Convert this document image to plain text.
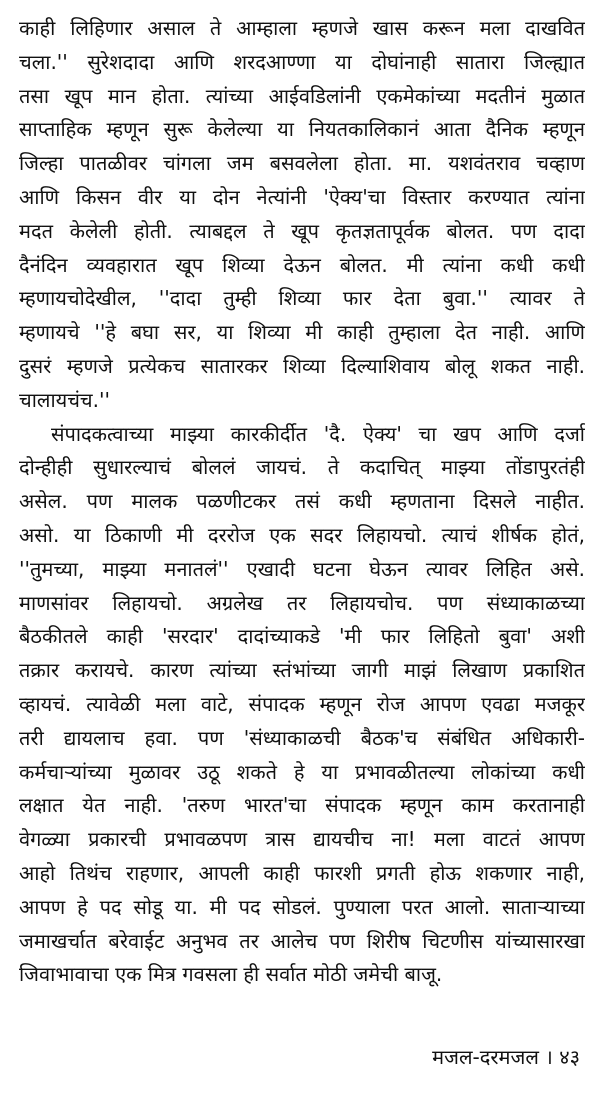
काही लिहिणार असाल ते आम्हाला म्हणजे खास करून मला दाखवित
चला.'' सुरेशदादा आणि शरदआण्णा या दोघांनाही सातारा जिल्ह्यात
तसा खूप मान होता. त्यांच्या आईवडिलांनी एकमेकांच्या मदतीनं मुळात
साप्ताहिक म्हणून सुरू केलेल्या या नियतकालिकानं आता दैनिक म्हणून
जिल्हा पातळीवर चांगला जम बसवलेला होता. मा. यशवंतराव चव्हाण
आणि किसन वीर या दोन नेत्यांनी 'ऐक्य'चा विस्तार करण्यात त्यांना
मदत केलेली होती. त्याबद्दल ते खूप कृतज्ञतापूर्वक बोलत. पण दादा
दैनंदिन व्यवहारात खूप शिव्या देऊन बोलत. मी त्यांना कधी कधी
म्हणायचोदेखील, ''दादा तुम्ही शिव्या फार देता बुवा.'' त्यावर ते
म्हणायचे ''हे बघा सर, या शिव्या मी काही तुम्हाला देत नाही. आणि
दुसरं म्हणजे प्रत्येकच सातारकर शिव्या दिल्याशिवाय बोलू शकत नाही.
चालायचंच.''
संपादकत्वाच्या माझ्या कारकीर्दीत 'दै. ऐक्य' चा खप आणि दर्जा
दोन्हीही सुधारल्याचं बोललं जायचं. ते कदाचित् माझ्या तोंडापुरतंही
असेल. पण मालक पळणीटकर तसं कधी म्हणताना दिसले नाहीत.
असो. या ठिकाणी मी दररोज एक सदर लिहायचो. त्याचं शीर्षक होतं,
''तुमच्या, माझ्या मनातलं'' एखादी घटना घेऊन त्यावर लिहित असे.
माणसांवर लिहायचो. अग्रलेख तर लिहायचोच. पण संध्याकाळच्या
बैठकीतले काही 'सरदार' दादांच्याकडे 'मी फार लिहितो बुवा' अशी
तक्रार करायचे. कारण त्यांच्या स्तंभांच्या जागी माझं लिखाण प्रकाशित
व्हायचं. त्यावेळी मला वाटे, संपादक म्हणून रोज आपण एवढा मजकूर
तरी द्यायलाच हवा. पण 'संध्याकाळची बैठक'च संबंधित अधिकारी-
कर्मचाऱ्यांच्या मुळावर उठू शकते हे या प्रभावळीतल्या लोकांच्या कधी
लक्षात येत नाही. 'तरुण भारत'चा संपादक म्हणून काम करतानाही
वेगळ्या प्रकारची प्रभावळपण त्रास द्यायचीच ना! मला वाटतं आपण
आहो तिथंच राहणार, आपली काही फारशी प्रगती होऊ शकणार नाही,
आपण हे पद सोडू या. मी पद सोडलं. पुण्याला परत आलो. साताऱ्याच्या
जमाखर्चात बरेवाईट अनुभव तर आलेच पण शिरीष चिटणीस यांच्यासारखा
जिवाभावाचा एक मित्र गवसला ही सर्वात मोठी जमेची बाजू.
मजल-दरमजल । ४३
